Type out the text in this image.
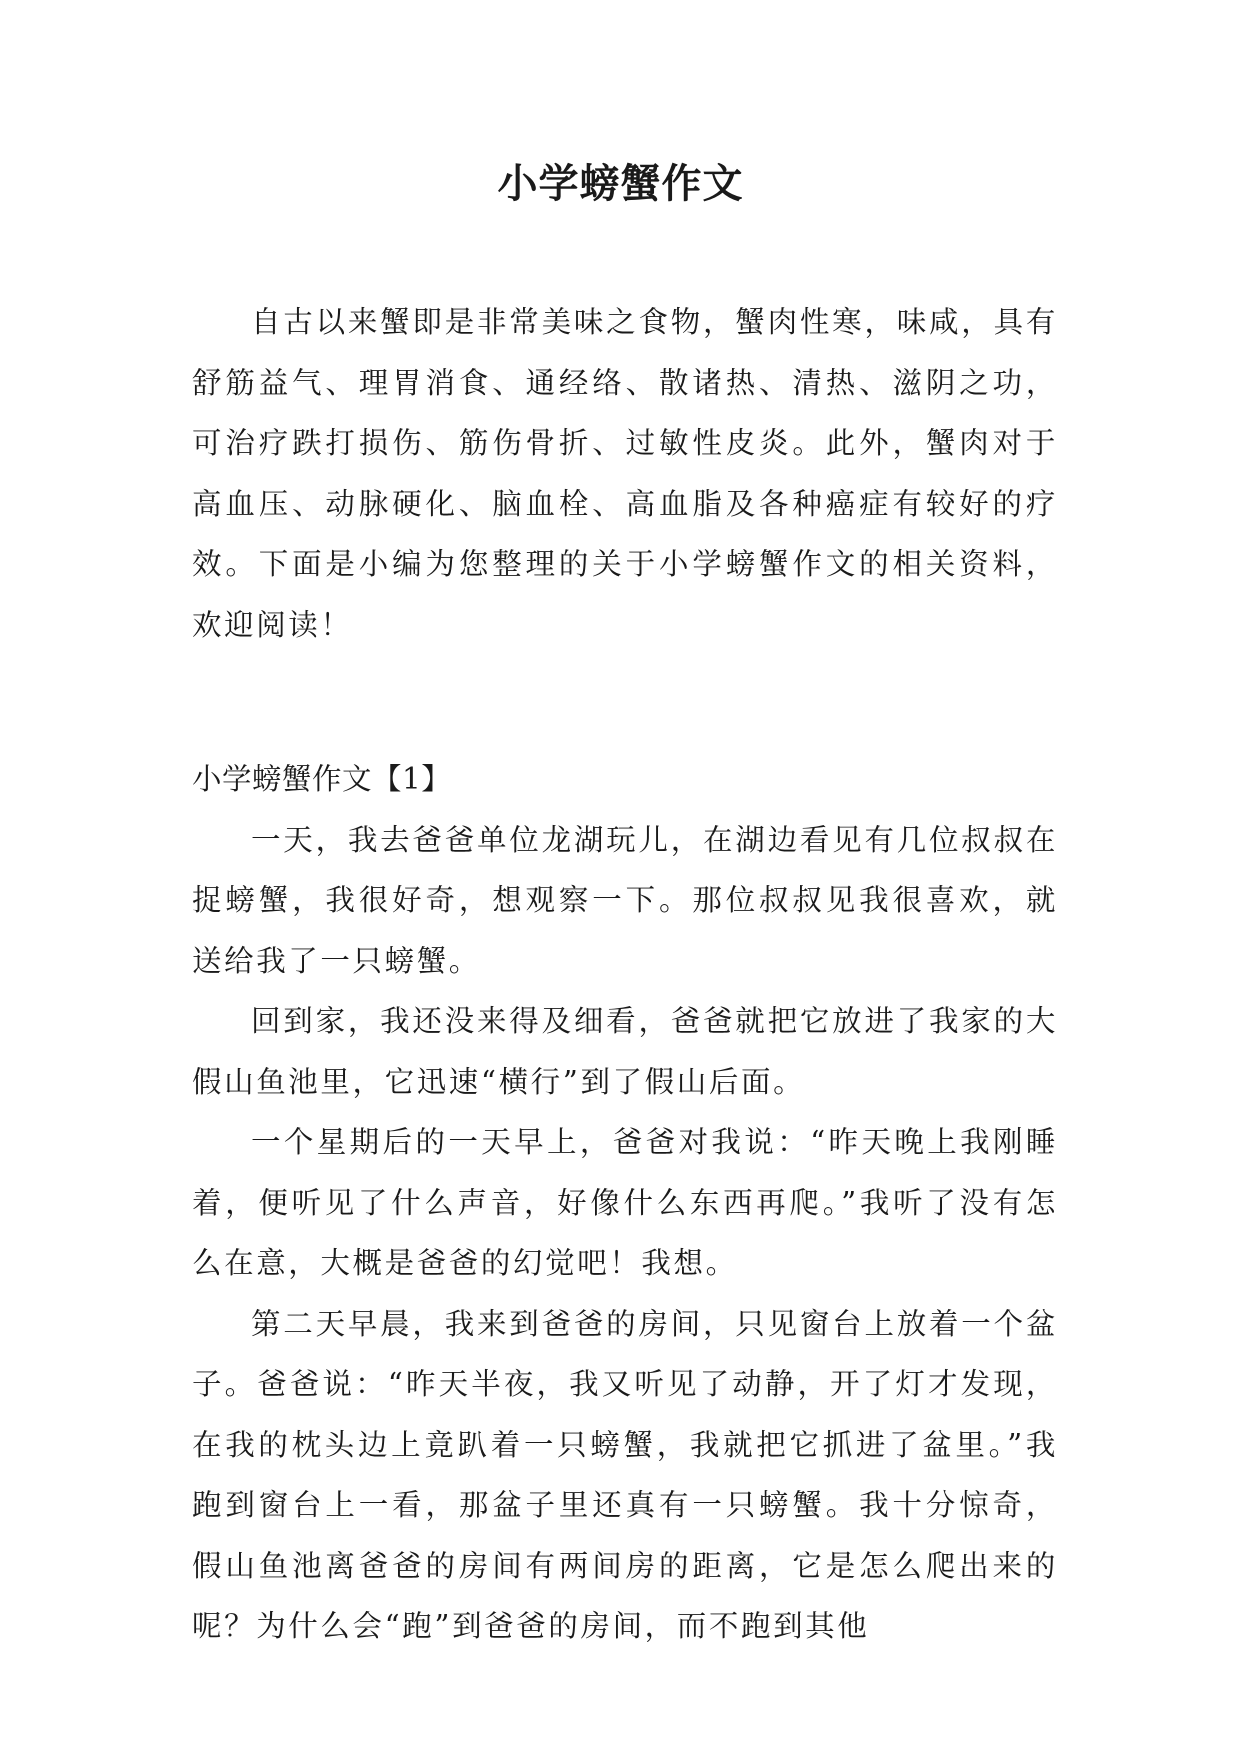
小学螃蟹作文

自古以来蟹即是非常美味之食物，蟹肉性寒，味咸，具有舒筋益气、理胃消食、通经络、散诸热、清热、滋阴之功，可治疗跌打损伤、筋伤骨折、过敏性皮炎。此外，蟹肉对于高血压、动脉硬化、脑血栓、高血脂及各种癌症有较好的疗效。下面是小编为您整理的关于小学螃蟹作文的相关资料，欢迎阅读！

小学螃蟹作文【1】

一天，我去爸爸单位龙湖玩儿，在湖边看见有几位叔叔在捉螃蟹，我很好奇，想观察一下。那位叔叔见我很喜欢，就送给我了一只螃蟹。

回到家，我还没来得及细看，爸爸就把它放进了我家的大假山鱼池里，它迅速“横行”到了假山后面。

一个星期后的一天早上，爸爸对我说：“昨天晚上我刚睡着，便听见了什么声音，好像什么东西再爬。”我听了没有怎么在意，大概是爸爸的幻觉吧！我想。

第二天早晨，我来到爸爸的房间，只见窗台上放着一个盆子。爸爸说：“昨天半夜，我又听见了动静，开了灯才发现，在我的枕头边上竟趴着一只螃蟹，我就把它抓进了盆里。”我跑到窗台上一看，那盆子里还真有一只螃蟹。我十分惊奇，假山鱼池离爸爸的房间有两间房的距离，它是怎么爬出来的呢？为什么会“跑”到爸爸的房间，而不跑到其他
